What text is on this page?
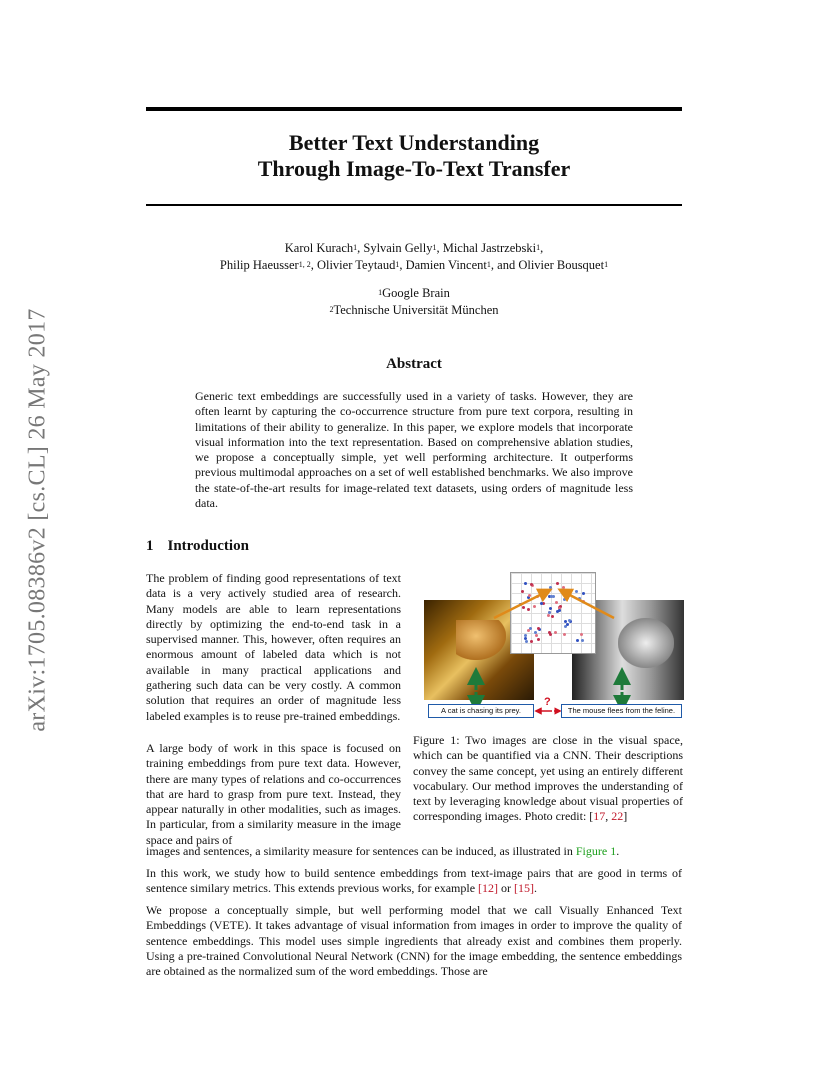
arXiv:1705.08386v2 [cs.CL] 26 May 2017
Better Text Understanding
Through Image-To-Text Transfer
Karol Kurach$^1$, Sylvain Gelly$^1$, Michal Jastrzebski$^1$,
Philip Haeusser$^{1, 2}$, Olivier Teytaud$^1$, Damien Vincent$^1$, and Olivier Bousquet$^1$
$^1$Google Brain
$^2$Technische Universität München
Abstract
Generic text embeddings are successfully used in a variety of tasks. However, they are often learnt by capturing the co-occurrence structure from pure text corpora, resulting in limitations of their ability to generalize. In this paper, we explore models that incorporate visual information into the text representation. Based on comprehensive ablation studies, we propose a conceptually simple, yet well performing architecture. It outperforms previous multimodal approaches on a set of well established benchmarks. We also improve the state-of-the-art results for image-related text datasets, using orders of magnitude less data.
1 Introduction
The problem of finding good representations of text data is a very actively studied area of research. Many models are able to learn representations directly by optimizing the end-to-end task in a supervised manner. This, however, often requires an enormous amount of labeled data which is not available in many practical applications and gathering such data can be very costly. A common solution that requires an order of magnitude less labeled examples is to reuse pre-trained embeddings.
A large body of work in this space is focused on training embeddings from pure text data. However, there are many types of relations and co-occurrences that are hard to grasp from pure text. Instead, they appear naturally in other modalities, such as images. In particular, from a similarity measure in the image space and pairs of
images and sentences, a similarity measure for sentences can be induced, as illustrated in Figure 1.
In this work, we study how to build sentence embeddings from text-image pairs that are good in terms of sentence similary metrics. This extends previous works, for example [12] or [15].
We propose a conceptually simple, but well performing model that we call Visually Enhanced Text Embeddings (VETE). It takes advantage of visual information from images in order to improve the quality of sentence embeddings. This model uses simple ingredients that already exist and combines them properly. Using a pre-trained Convolutional Neural Network (CNN) for the image embedding, the sentence embeddings are obtained as the normalized sum of the word embeddings. Those are
?
A cat is chasing its prey.	The mouse flees from the feline.
Figure 1: Two images are close in the visual space, which can be quantified via a CNN. Their descriptions convey the same concept, yet using an entirely different vocabulary. Our method improves the understanding of text by leveraging knowledge about visual properties of corresponding images. Photo credit: [17, 22]
